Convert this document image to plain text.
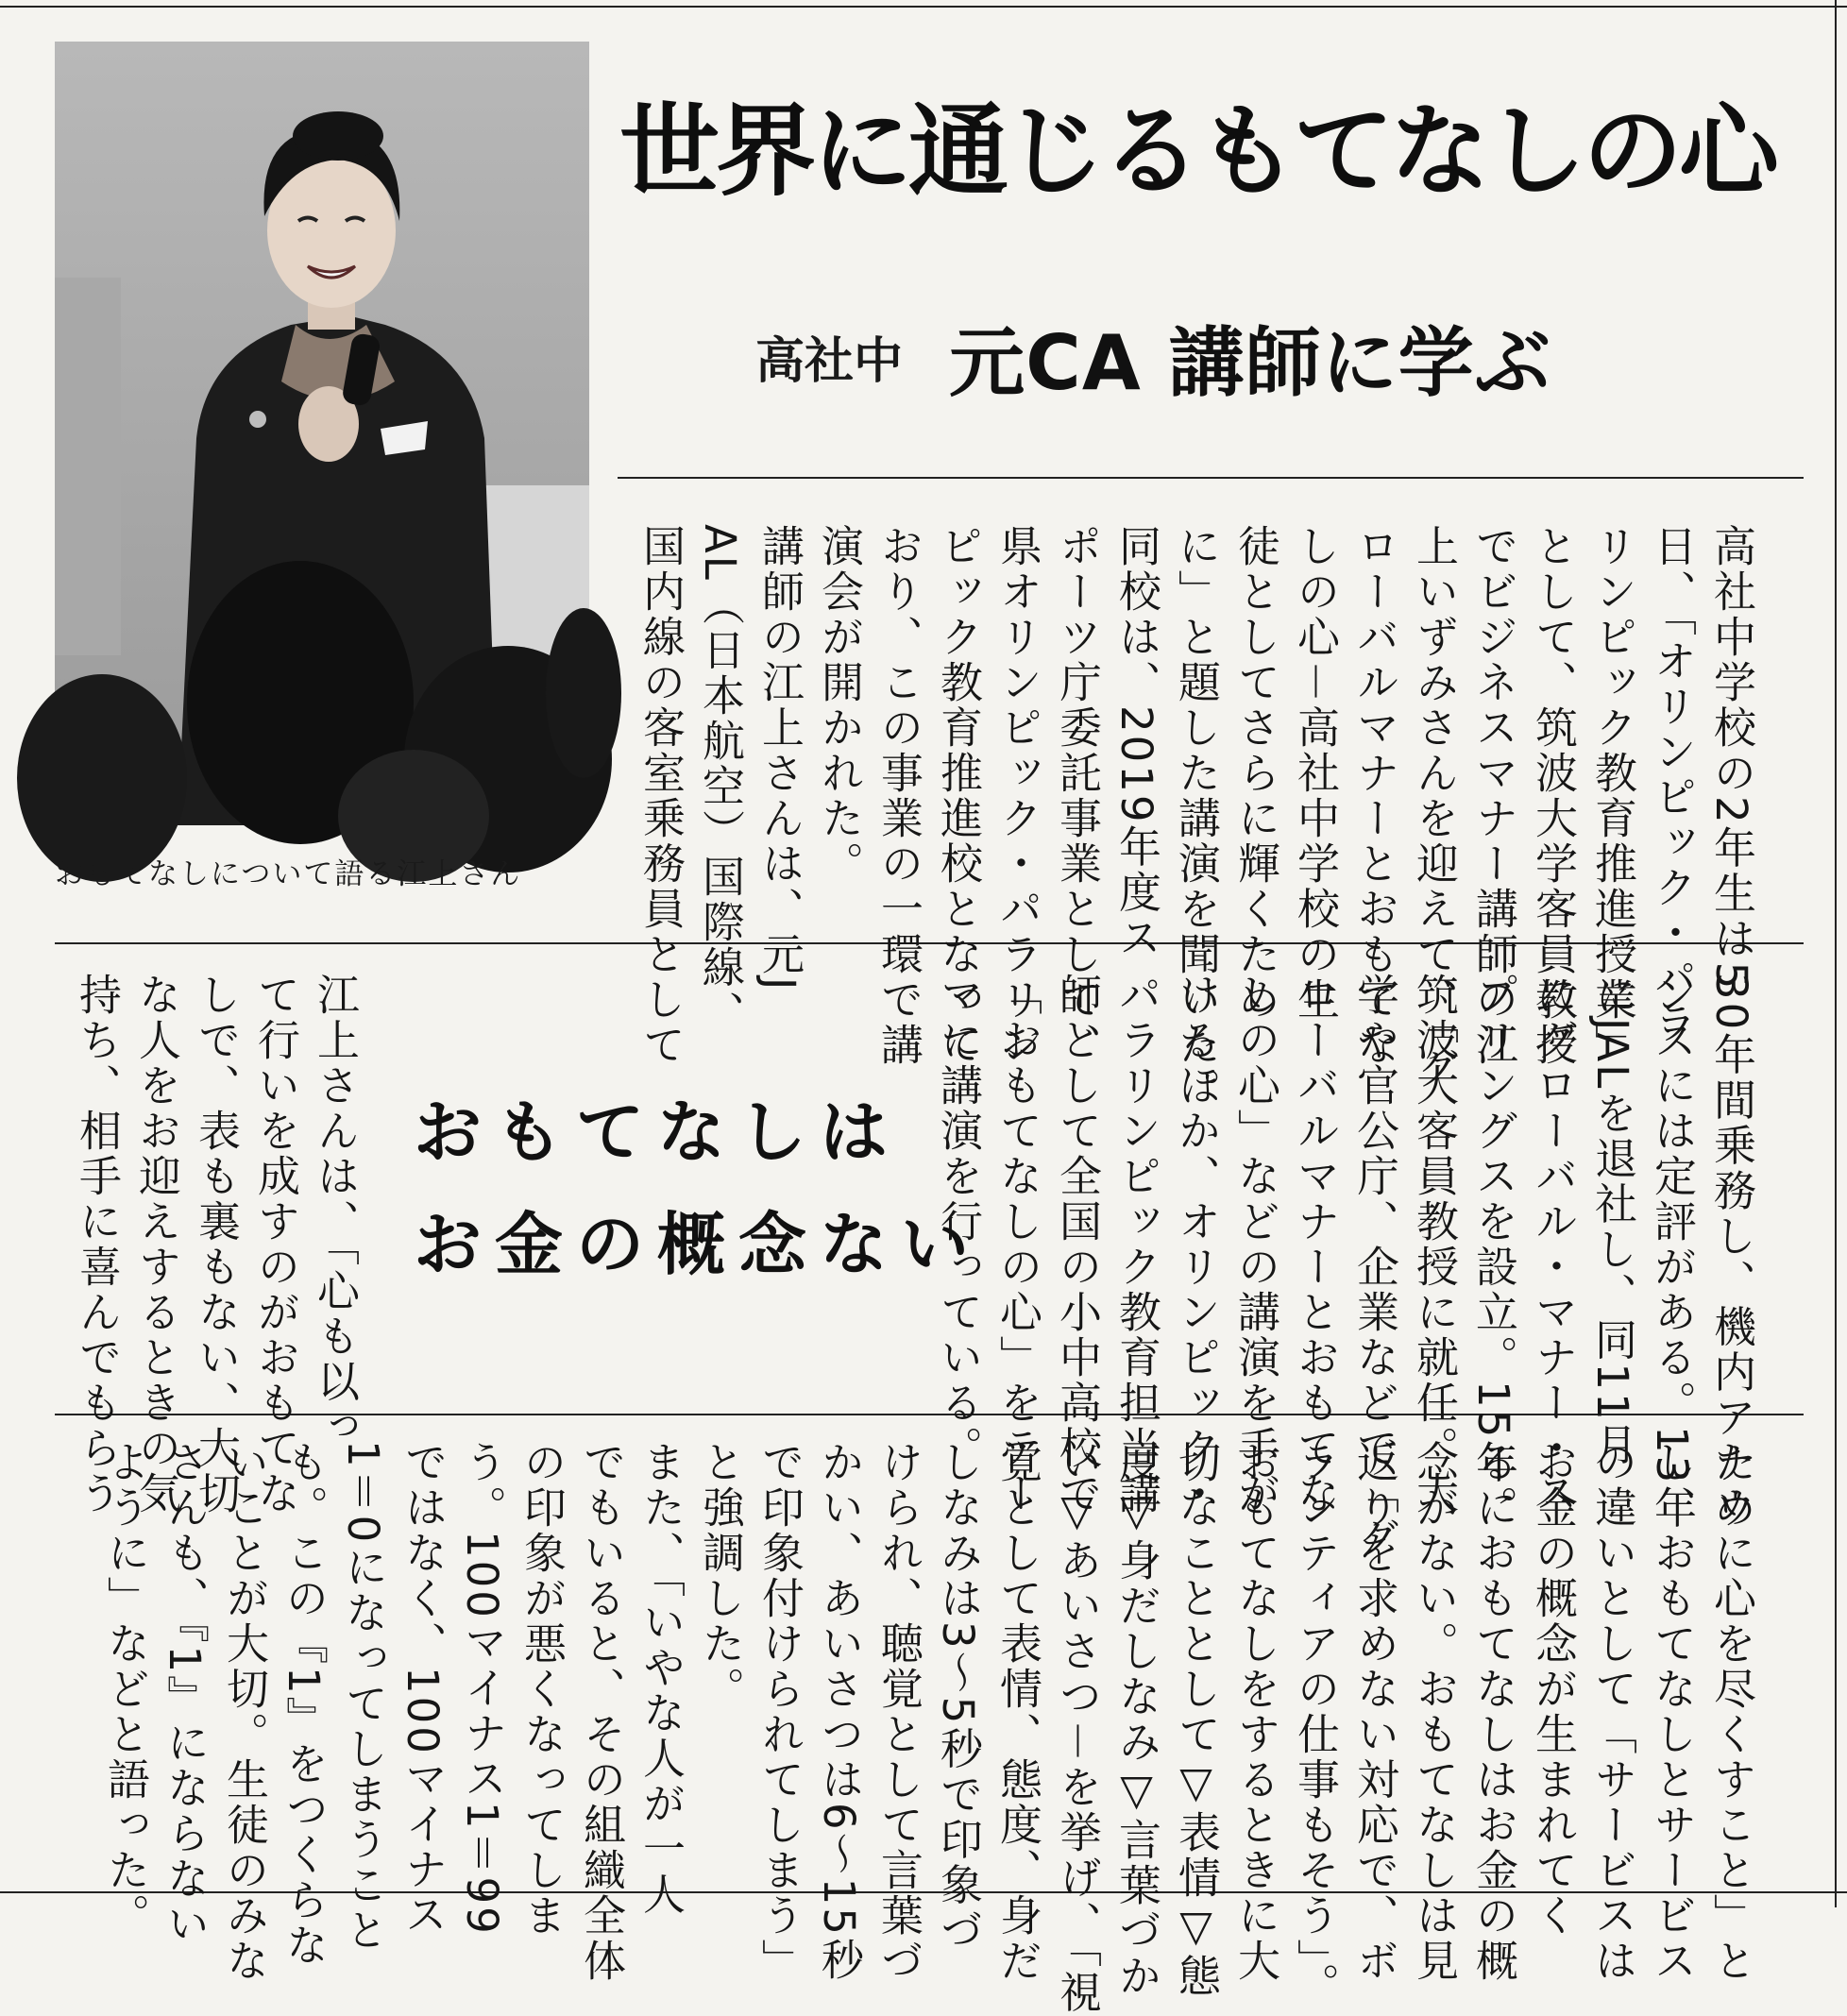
おもてなしについて語る江上さん
世界に通じるもてなしの心
高社中 元CA 講師に学ぶ
高社中学校の2年生は5
日、「オリンピック・パラ
リンピック教育推進授業」
として、筑波大学客員教授
でビジネスマナー講師の江
上いずみさんを迎えて、「グ
ローバルマナーとおもてな
しの心－高社中学校の生
徒としてさらに輝くため
に」と題した講演を聞いた。
同校は、2019年度ス
ポーツ庁委託事業として、
県オリンピック・パラリン
ピック教育推進校となって
おり、この事業の一環で講
演会が開かれた。
講師の江上さんは、元J
AL（日本航空）国際線、
国内線の客室乗務員として
30年間乗務し、機内アナウ
ンスには定評がある。13年
にJALを退社し、同11月
にグローバル・マナー・ス
プリングスを設立。15年に
筑波大客員教授に就任。大
学や官公庁、企業などで「グ
ローバルマナーとおもてな
しの心」などの講演を手が
けるほか、オリンピック・
パラリンピック教育担当講
師として全国の小中高校で
「おもてなしの心」をテー
マに講演を行っている。
おもてなしは
お金の概念ない
江上さんは、「心も以っ
て行いを成すのがおもてな
しで、表も裏もない、大切
な人をお迎えするときの気
持ち、相手に喜んでもらう
ために心を尽くすこと」と
し、おもてなしとサービス
の違いとして「サービスは
お金の概念が生まれてく
る。おもてなしはお金の概
念がない。おもてなしは見
返りを求めない対応で、ボ
ランティアの仕事もそう」。
おもてなしをするときに大
切なこととして▽表情▽態
度▽身だしなみ▽言葉づか
い▽あいさつ－を挙げ、「視
覚として表情、態度、身だ
しなみは3～5秒で印象づ
けられ、聴覚として言葉づ
かい、あいさつは6～15秒
で印象付けられてしまう」
と強調した。
また、「いやな人が一人
でもいると、その組織全体
の印象が悪くなってしま
う。100マイナス1＝99
ではなく、100マイナス
1＝0になってしまうこと
も。この『1』をつくらな
いことが大切。生徒のみな
さんも、『1』にならない
ように」などと語った。
